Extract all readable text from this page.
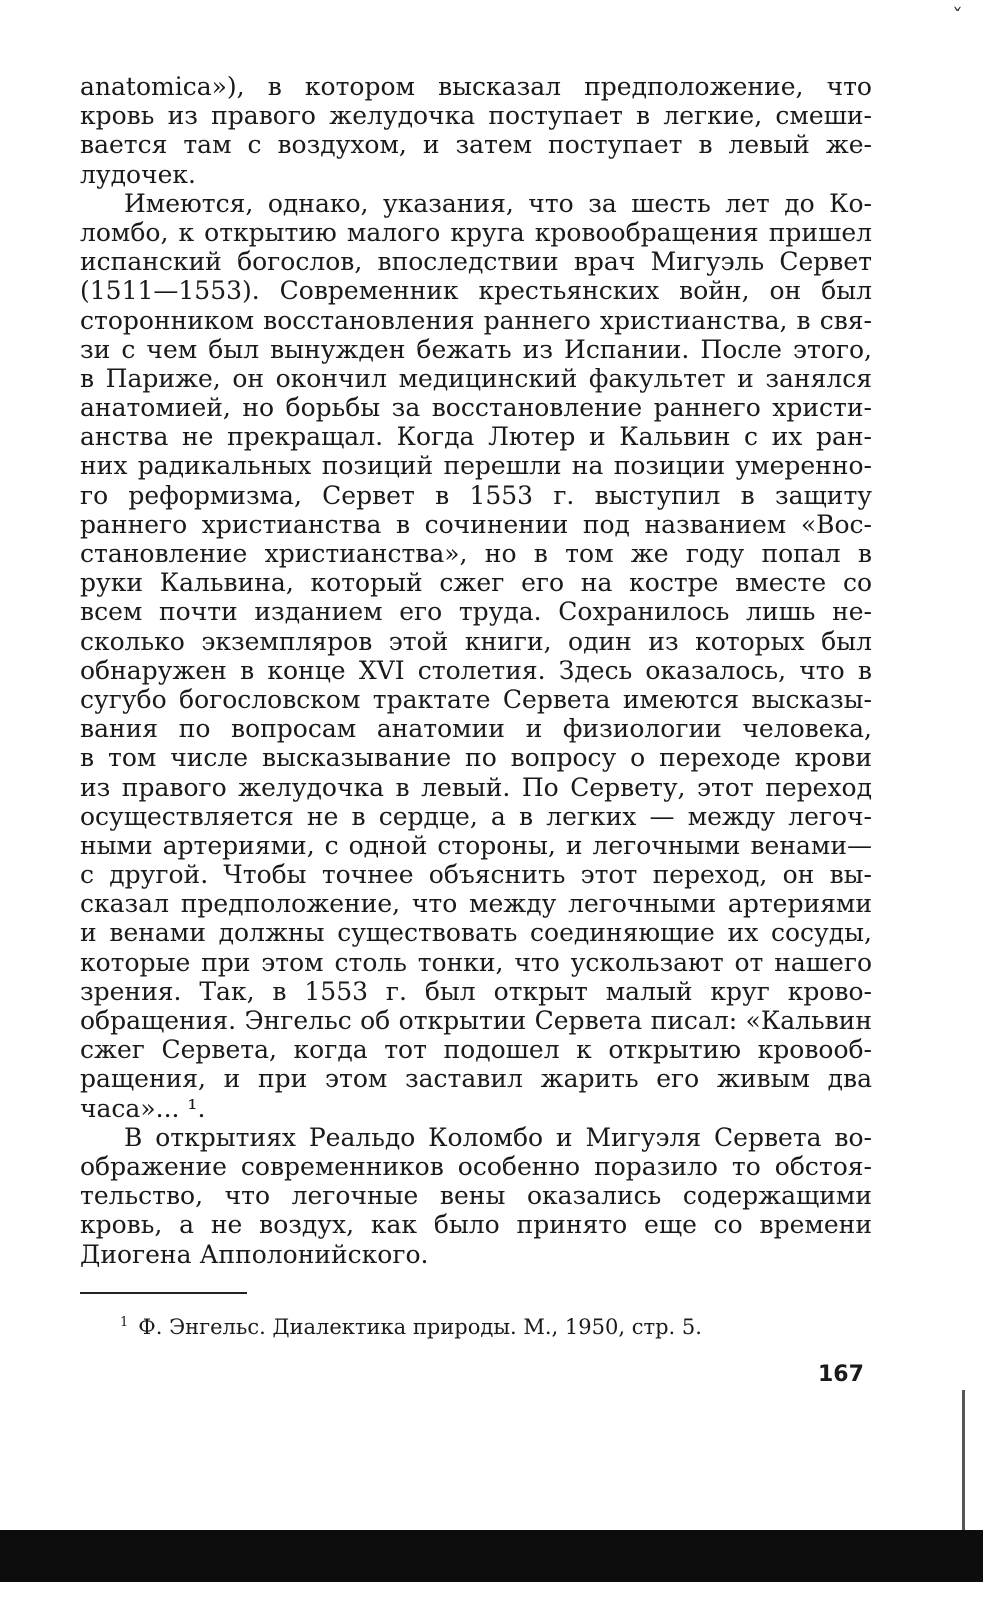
ˇ
anatomica»), в котором высказал предположение, что
кровь из правого желудочка поступает в легкие, смеши-
вается там с воздухом, и затем поступает в левый же-
лудочек.
Имеются, однако, указания, что за шесть лет до Ко-
ломбо, к открытию малого круга кровообращения пришел
испанский богослов, впоследствии врач Мигуэль Сервет
(1511—1553). Современник крестьянских войн, он был
сторонником восстановления раннего христианства, в свя-
зи с чем был вынужден бежать из Испании. После этого,
в Париже, он окончил медицинский факультет и занялся
анатомией, но борьбы за восстановление раннего христи-
анства не прекращал. Когда Лютер и Кальвин с их ран-
них радикальных позиций перешли на позиции умеренно-
го реформизма, Сервет в 1553 г. выступил в защиту
раннего христианства в сочинении под названием «Вос-
становление христианства», но в том же году попал в
руки Кальвина, который сжег его на костре вместе со
всем почти изданием его труда. Сохранилось лишь не-
сколько экземпляров этой книги, один из которых был
обнаружен в конце XVI столетия. Здесь оказалось, что в
сугубо богословском трактате Сервета имеются высказы-
вания по вопросам анатомии и физиологии человека,
в том числе высказывание по вопросу о переходе крови
из правого желудочка в левый. По Сервету, этот переход
осуществляется не в сердце, а в легких — между легоч-
ными артериями, с одной стороны, и легочными венами—
с другой. Чтобы точнее объяснить этот переход, он вы-
сказал предположение, что между легочными артериями
и венами должны существовать соединяющие их сосуды,
которые при этом столь тонки, что ускользают от нашего
зрения. Так, в 1553 г. был открыт малый круг крово-
обращения. Энгельс об открытии Сервета писал: «Кальвин
сжег Сервета, когда тот подошел к открытию кровооб-
ращения, и при этом заставил жарить его живым два
часа»... ¹.
В открытиях Реальдо Коломбо и Мигуэля Сервета во-
ображение современников особенно поразило то обстоя-
тельство, что легочные вены оказались содержащими
кровь, а не воздух, как было принято еще со времени
Диогена Апполонийского.
$^1$ Ф. Энгельс. Диалектика природы. М., 1950, стр. 5.
167
